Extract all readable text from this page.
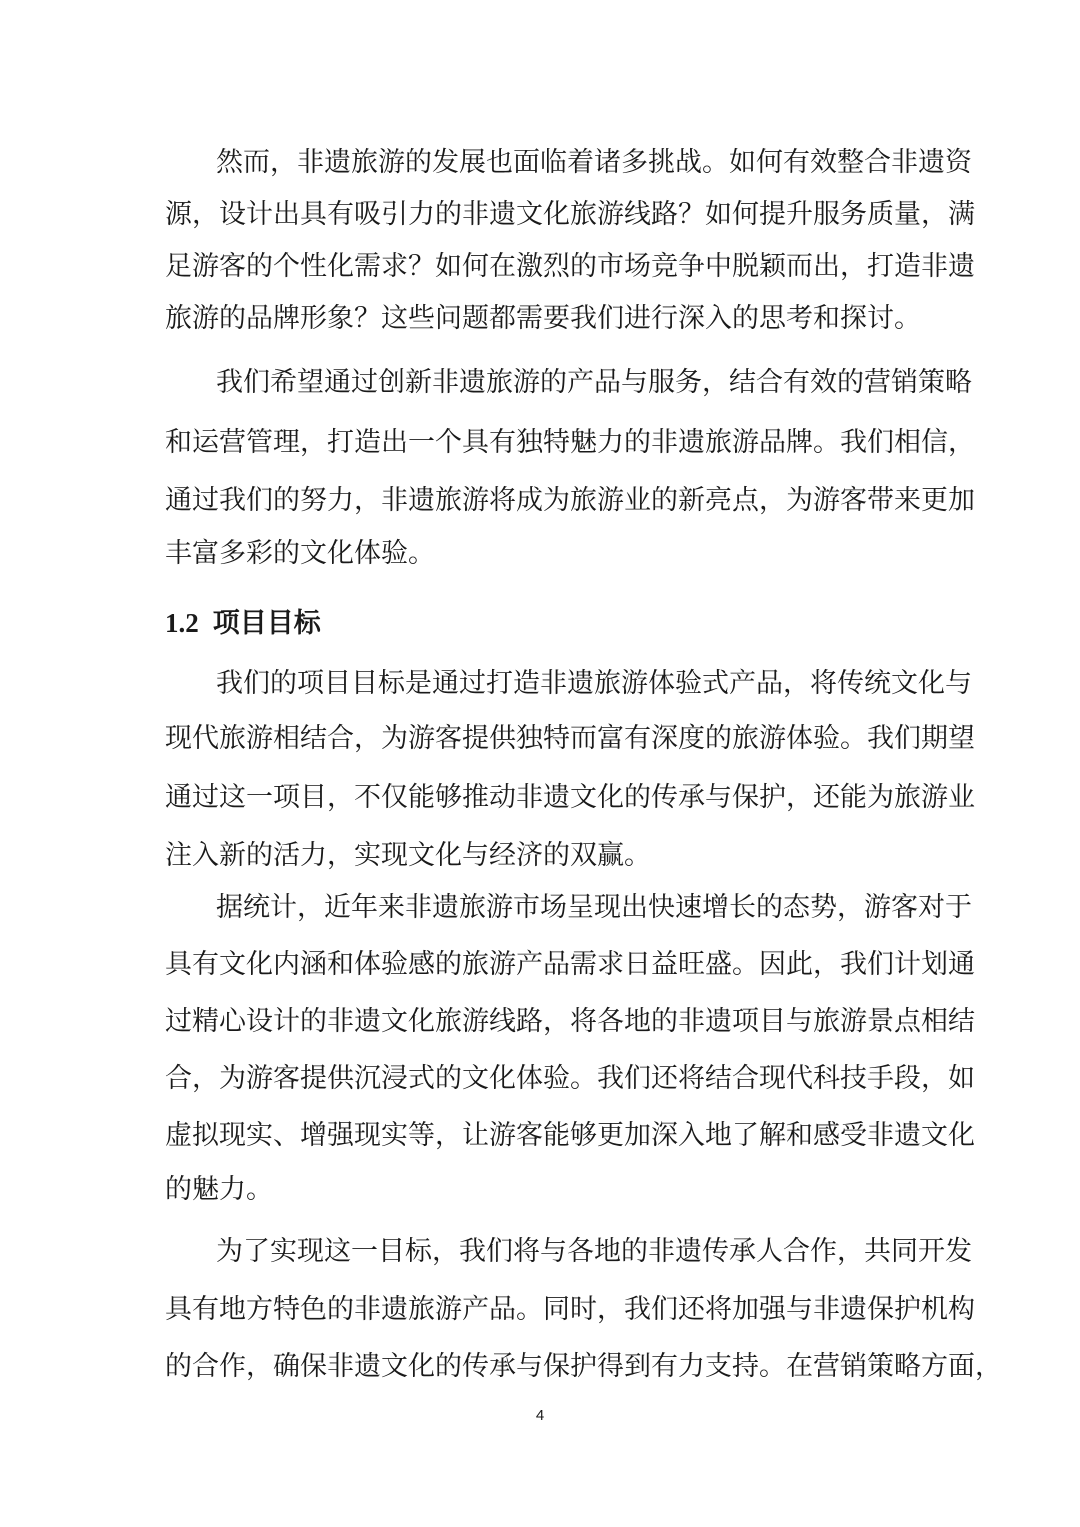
然而，非遗旅游的发展也面临着诸多挑战。如何有效整合非遗资
源，设计出具有吸引力的非遗文化旅游线路？如何提升服务质量，满
足游客的个性化需求？如何在激烈的市场竞争中脱颖而出，打造非遗
旅游的品牌形象？这些问题都需要我们进行深入的思考和探讨。
我们希望通过创新非遗旅游的产品与服务，结合有效的营销策略
和运营管理，打造出一个具有独特魅力的非遗旅游品牌。我们相信，
通过我们的努力，非遗旅游将成为旅游业的新亮点，为游客带来更加
丰富多彩的文化体验。
1.2 项目目标
我们的项目目标是通过打造非遗旅游体验式产品，将传统文化与
现代旅游相结合，为游客提供独特而富有深度的旅游体验。我们期望
通过这一项目，不仅能够推动非遗文化的传承与保护，还能为旅游业
注入新的活力，实现文化与经济的双赢。
据统计，近年来非遗旅游市场呈现出快速增长的态势，游客对于
具有文化内涵和体验感的旅游产品需求日益旺盛。因此，我们计划通
过精心设计的非遗文化旅游线路，将各地的非遗项目与旅游景点相结
合，为游客提供沉浸式的文化体验。我们还将结合现代科技手段，如
虚拟现实、增强现实等，让游客能够更加深入地了解和感受非遗文化
的魅力。
为了实现这一目标，我们将与各地的非遗传承人合作，共同开发
具有地方特色的非遗旅游产品。同时，我们还将加强与非遗保护机构
的合作，确保非遗文化的传承与保护得到有力支持。在营销策略方面，
4
